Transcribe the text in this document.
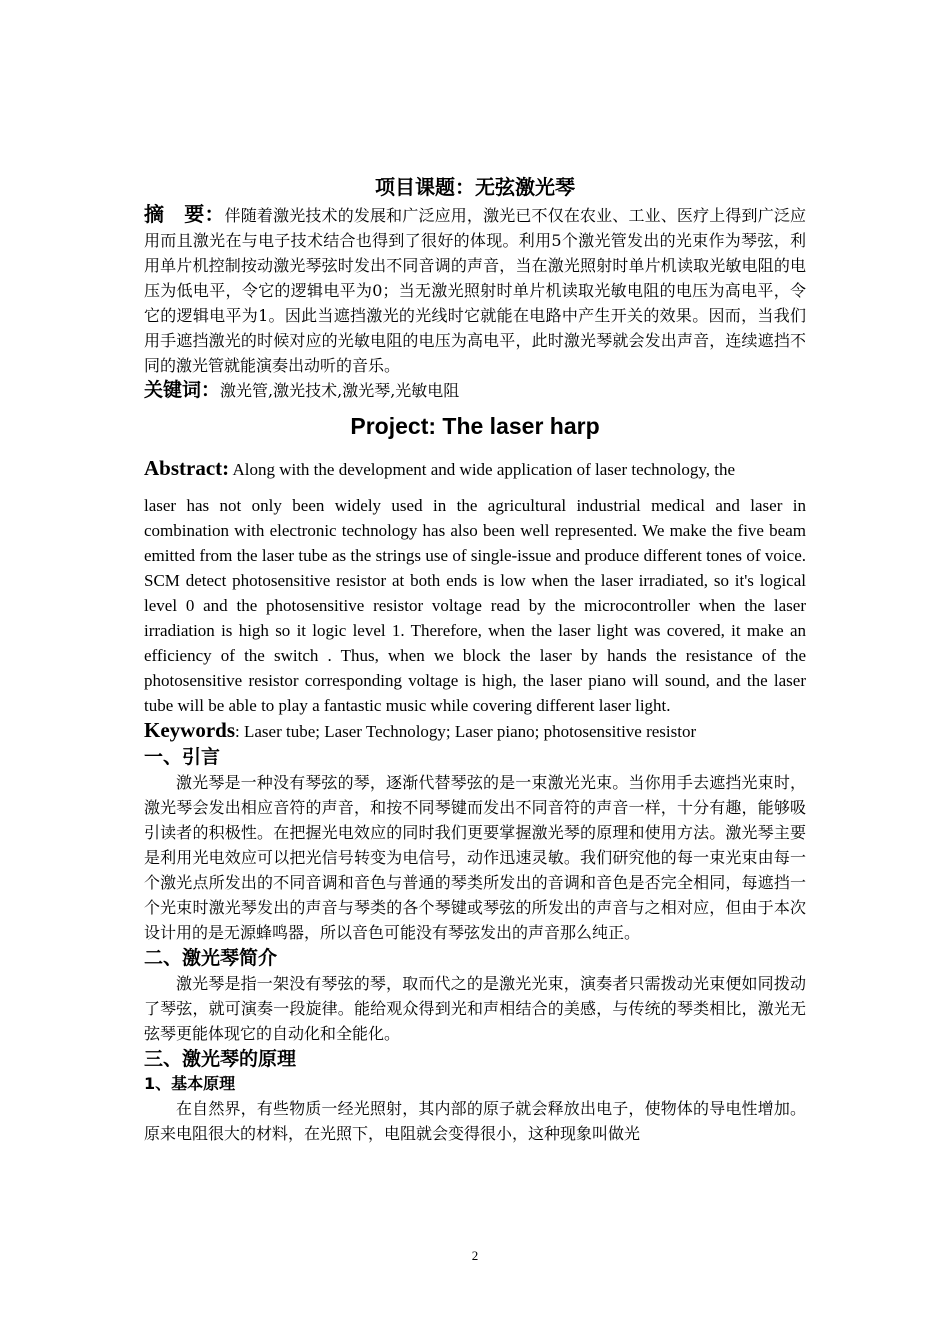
项目课题：无弦激光琴

摘　要：伴随着激光技术的发展和广泛应用，激光已不仅在农业、工业、医疗上得到广泛应用而且激光在与电子技术结合也得到了很好的体现。利用5个激光管发出的光束作为琴弦，利用单片机控制按动激光琴弦时发出不同音调的声音，当在激光照射时单片机读取光敏电阻的电压为低电平，令它的逻辑电平为0；当无激光照射时单片机读取光敏电阻的电压为高电平，令它的逻辑电平为1。因此当遮挡激光的光线时它就能在电路中产生开关的效果。因而，当我们用手遮挡激光的时候对应的光敏电阻的电压为高电平，此时激光琴就会发出声音，连续遮挡不同的激光管就能演奏出动听的音乐。

关键词：激光管,激光技术,激光琴,光敏电阻

Project: The laser harp

Abstract: Along with the development and wide application of laser technology, the

laser has not only been widely used in the agricultural industrial medical and laser in combination with electronic technology has also been well represented. We make the five beam emitted from the laser tube as the strings use of single-issue and produce different tones of voice. SCM detect photosensitive resistor at both ends is low when the laser irradiated, so it's logical level 0 and the photosensitive resistor voltage read by the microcontroller when the laser irradiation is high so it logic level 1. Therefore, when the laser light was covered, it make an efficiency of the switch . Thus, when we block the laser by hands the resistance of the photosensitive resistor corresponding voltage is high, the laser piano will sound, and the laser tube will be able to play a fantastic music while covering different laser light.

Keywords: Laser tube; Laser Technology; Laser piano; photosensitive resistor

一、引言

激光琴是一种没有琴弦的琴，逐渐代替琴弦的是一束激光光束。当你用手去遮挡光束时，激光琴会发出相应音符的声音，和按不同琴键而发出不同音符的声音一样，十分有趣，能够吸引读者的积极性。在把握光电效应的同时我们更要掌握激光琴的原理和使用方法。激光琴主要是利用光电效应可以把光信号转变为电信号，动作迅速灵敏。我们研究他的每一束光束由每一个激光点所发出的不同音调和音色与普通的琴类所发出的音调和音色是否完全相同，每遮挡一个光束时激光琴发出的声音与琴类的各个琴键或琴弦的所发出的声音与之相对应，但由于本次设计用的是无源蜂鸣器，所以音色可能没有琴弦发出的声音那么纯正。

二、激光琴简介

激光琴是指一架没有琴弦的琴，取而代之的是激光光束，演奏者只需拨动光束便如同拨动了琴弦，就可演奏一段旋律。能给观众得到光和声相结合的美感，与传统的琴类相比，激光无弦琴更能体现它的自动化和全能化。

三、激光琴的原理
1、基本原理

在自然界，有些物质一经光照射，其内部的原子就会释放出电子，使物体的导电性增加。原来电阻很大的材料，在光照下，电阻就会变得很小，这种现象叫做光

2
